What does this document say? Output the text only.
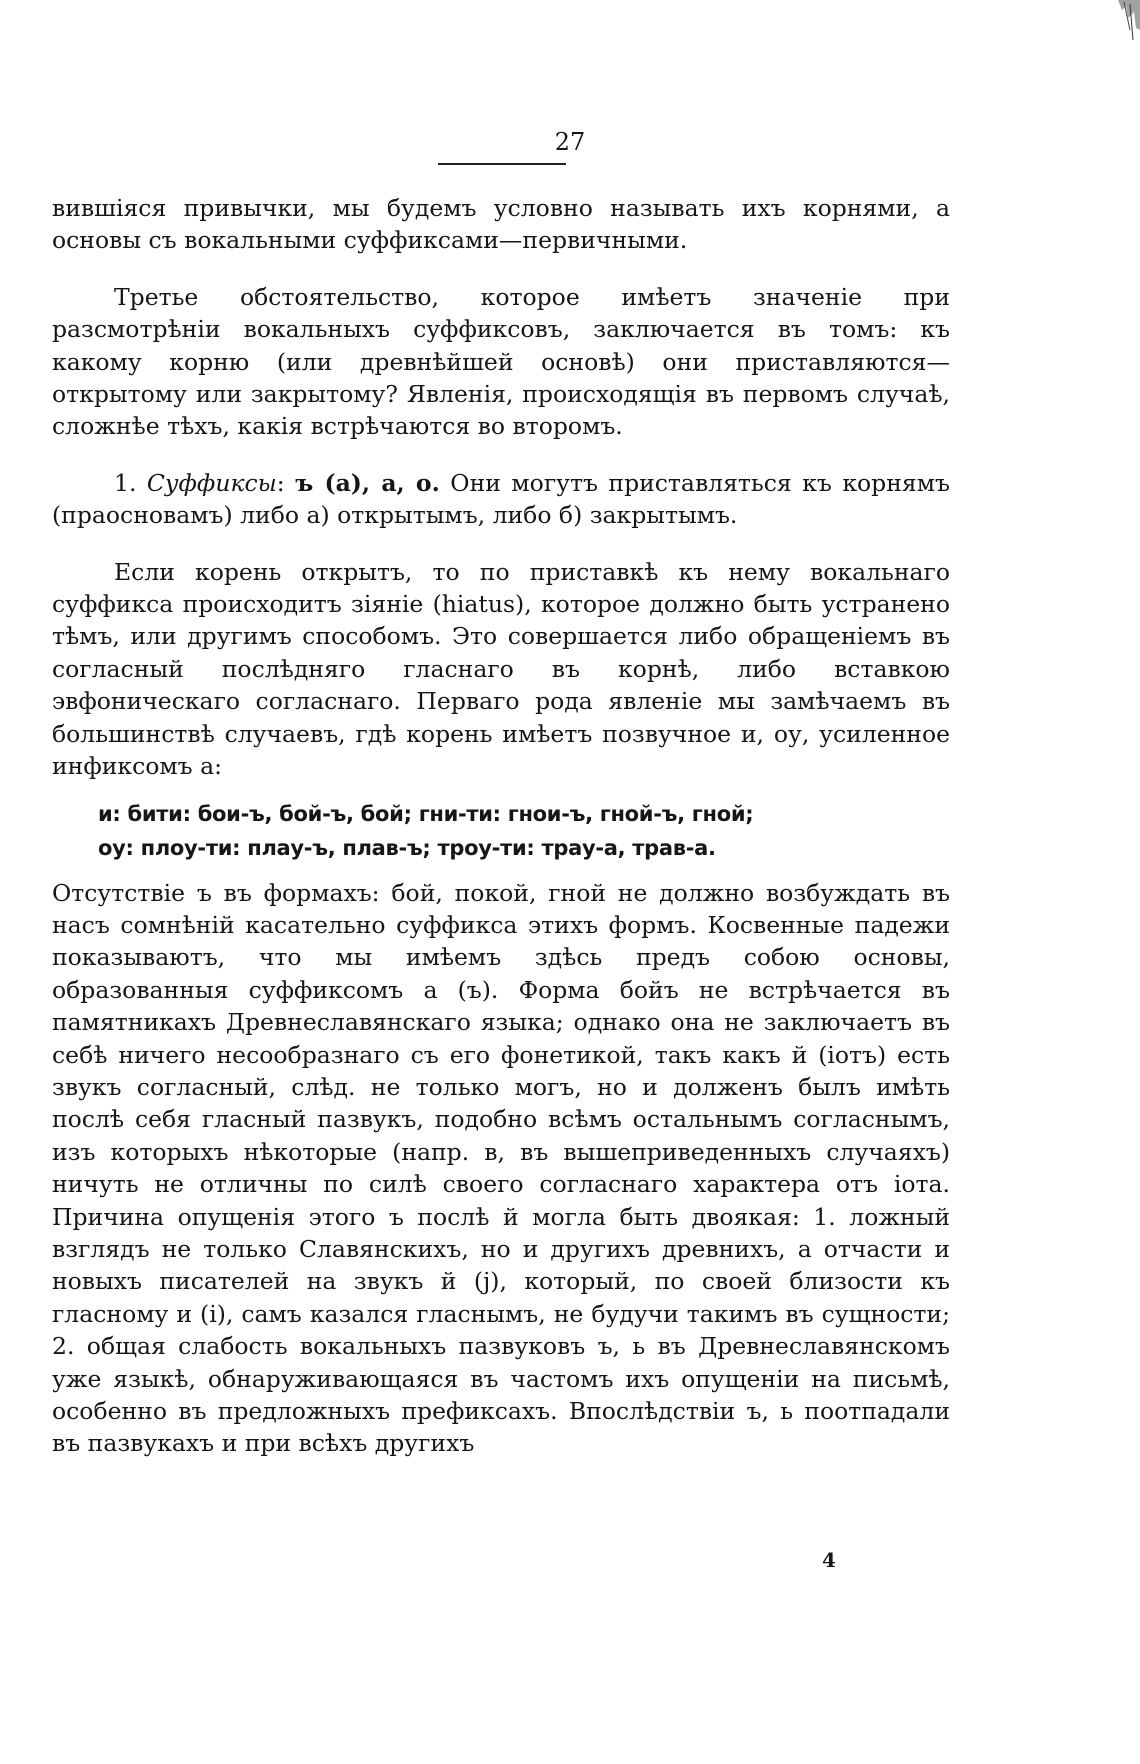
27

вившіяся привычки, мы будемъ условно называть ихъ корнями, а основы съ вокальными суффиксами—первичными.

Третье обстоятельство, которое имѣетъ значеніе при разсмотрѣніи вокальныхъ суффиксовъ, заключается въ томъ: къ какому корню (или древнѣйшей основѣ) они приставляются—открытому или закрытому? Явленія, происходящія въ первомъ случаѣ, сложнѣе тѣхъ, какія встрѣчаются во второмъ.

1. Суффиксы: ъ (а), а, о. Они могутъ приставляться къ корнямъ (праосновамъ) либо а) открытымъ, либо б) закрытымъ.

Если корень открытъ, то по приставкѣ къ нему вокальнаго суффикса происходитъ зіяніе (hiatus), которое должно быть устранено тѣмъ, или другимъ способомъ. Это совершается либо обращеніемъ въ согласный послѣдняго гласнаго въ корнѣ, либо вставкою эвфоническаго согласнаго. Перваго рода явленіе мы замѣчаемъ въ большинствѣ случаевъ, гдѣ корень имѣетъ позвучное и, оу, усиленное инфиксомъ а:

и: бити: бои-ъ, бой-ъ, бой; гни-ти: гнои-ъ, гной-ъ, гной;
оу: плоу-ти: плау-ъ, плав-ъ; троу-ти: трау-а, трав-а.

Отсутствіе ъ въ формахъ: бой, покой, гной не должно возбуждать въ насъ сомнѣній касательно суффикса этихъ формъ. Косвенные падежи показываютъ, что мы имѣемъ здѣсь предъ собою основы, образованныя суффиксомъ а (ъ). Форма бойъ не встрѣчается въ памятникахъ Древнеславянскаго языка; однако она не заключаетъ въ себѣ ничего несообразнаго съ его фонетикой, такъ какъ й (іотъ) есть звукъ согласный, слѣд. не только могъ, но и долженъ былъ имѣть послѣ себя гласный пазвукъ, подобно всѣмъ остальнымъ согласнымъ, изъ которыхъ нѣкоторые (напр. в, въ вышеприведенныхъ случаяхъ) ничуть не отличны по силѣ своего согласнаго характера отъ іота. Причина опущенія этого ъ послѣ й могла быть двоякая: 1. ложный взглядъ не только Славянскихъ, но и другихъ древнихъ, а отчасти и новыхъ писателей на звукъ й (j), который, по своей близости къ гласному и (і), самъ казался гласнымъ, не будучи такимъ въ сущности; 2. общая слабость вокальныхъ пазвуковъ ъ, ь въ Древнеславянскомъ уже языкѣ, обнаруживающаяся въ частомъ ихъ опущеніи на письмѣ, особенно въ предложныхъ префиксахъ. Впослѣдствіи ъ, ь поотпадали въ пазвукахъ и при всѣхъ другихъ

4
